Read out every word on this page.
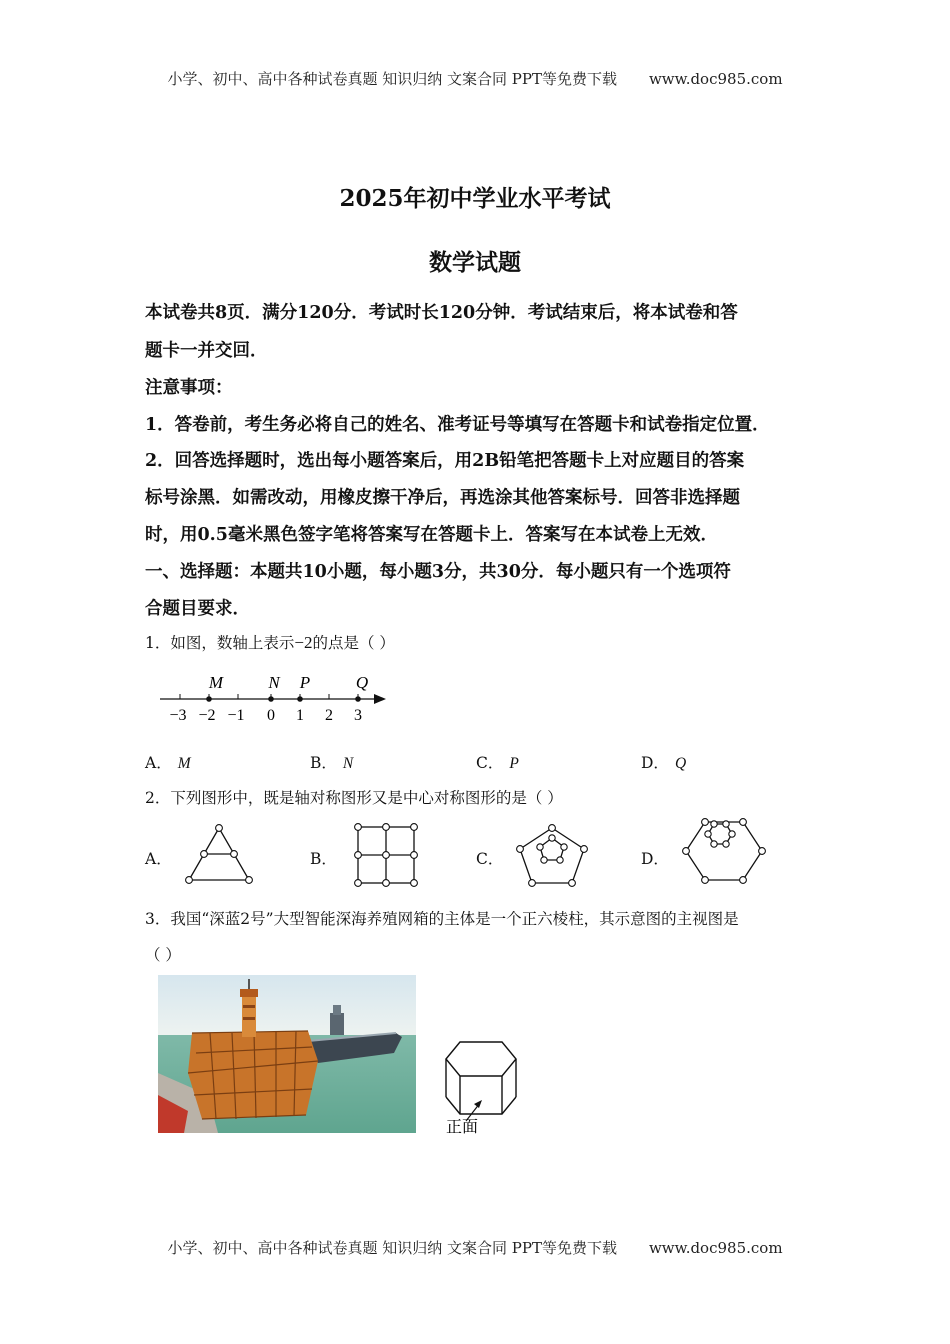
小学、初中、高中各种试卷真题 知识归纳 文案合同 PPT等免费下载 www.doc985.com
2025年初中学业水平考试
数学试题
本试卷共8页．满分120分．考试时长120分钟．考试结束后，将本试卷和答
题卡一并交回．
注意事项：
1．答卷前，考生务必将自己的姓名、准考证号等填写在答题卡和试卷指定位置．
2．回答选择题时，选出每小题答案后，用2B铅笔把答题卡上对应题目的答案
标号涂黑．如需改动，用橡皮擦干净后，再选涂其他答案标号．回答非选择题
时，用0.5毫米黑色签字笔将答案写在答题卡上．答案写在本试卷上无效．
一、选择题：本题共10小题，每小题3分，共30分．每小题只有一个选项符
合题目要求．
1．如图，数轴上表示−2的点是（ ）
M	N P	Q
−3 −2 −1 0 1 2 3
A． M	B． N	C． P	D． Q
2．下列图形中，既是轴对称图形又是中心对称图形的是（ ）
A．	B．	C．	D．
3．我国“深蓝2号”大型智能深海养殖网箱的主体是一个正六棱柱，其示意图的主视图是
（ ）
正面
小学、初中、高中各种试卷真题 知识归纳 文案合同 PPT等免费下载 www.doc985.com
